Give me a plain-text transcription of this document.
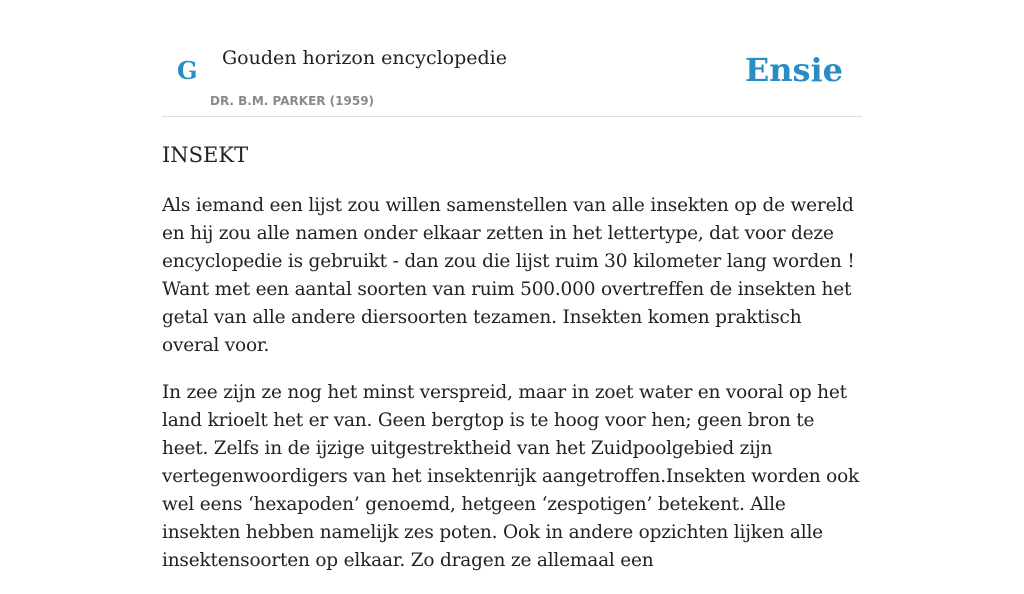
G Gouden horizon encyclopedie
DR. B.M. PARKER (1959)
Ensie
INSEKT

Als iemand een lijst zou willen samenstellen van alle insekten op de wereld en hij zou alle namen onder elkaar zetten in het lettertype, dat voor deze encyclopedie is gebruikt - dan zou die lijst ruim 30 kilometer lang worden ! Want met een aantal soorten van ruim 500.000 overtreffen de insekten het getal van alle andere diersoorten tezamen. Insekten komen praktisch overal voor.

In zee zijn ze nog het minst verspreid, maar in zoet water en vooral op het land krioelt het er van. Geen bergtop is te hoog voor hen; geen bron te heet. Zelfs in de ijzige uitgestrektheid van het Zuidpoolgebied zijn vertegenwoordigers van het insektenrijk aangetroffen.Insekten worden ook wel eens ‘hexapoden’ genoemd, hetgeen ‘zespotigen’ betekent. Alle insekten hebben namelijk zes poten. Ook in andere opzichten lijken alle insektensoorten op elkaar. Zo dragen ze allemaal een
